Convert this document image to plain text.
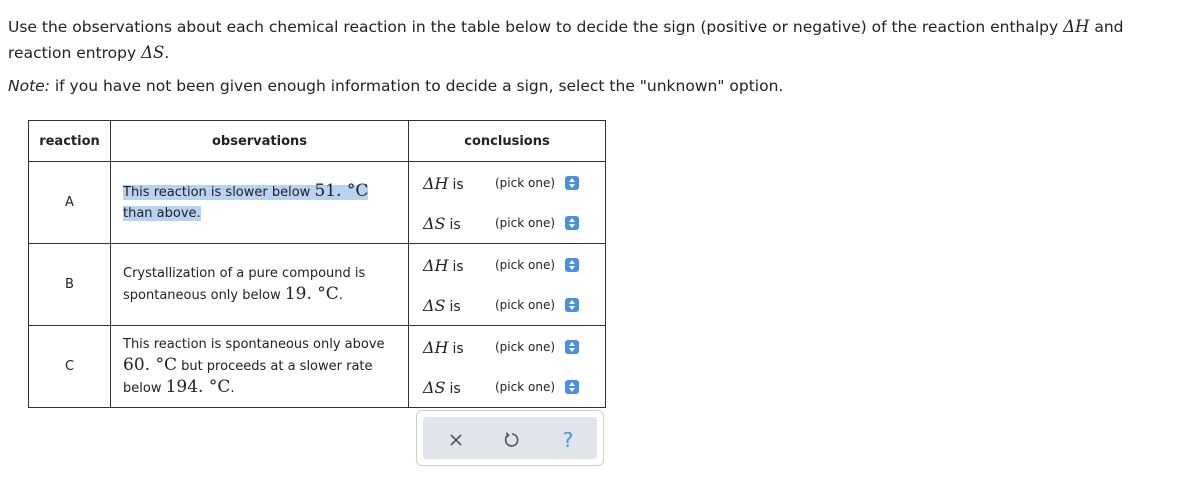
Use the observations about each chemical reaction in the table below to decide the sign (positive or negative) of the reaction enthalpy ΔH and reaction entropy ΔS.
Note: if you have not been given enough information to decide a sign, select the "unknown" option.
reaction	observations	conclusions
A	This reaction is slower below 51. °C than above.	ΔH is (pick one)
ΔS is (pick one)

B	Crystallization of a pure compound is spontaneous only below 19. °C.	ΔH is (pick one)
ΔS is (pick one)

C	This reaction is spontaneous only above 60. °C but proceeds at a slower rate below 194. °C.	ΔH is (pick one)
ΔS is (pick one)
?
